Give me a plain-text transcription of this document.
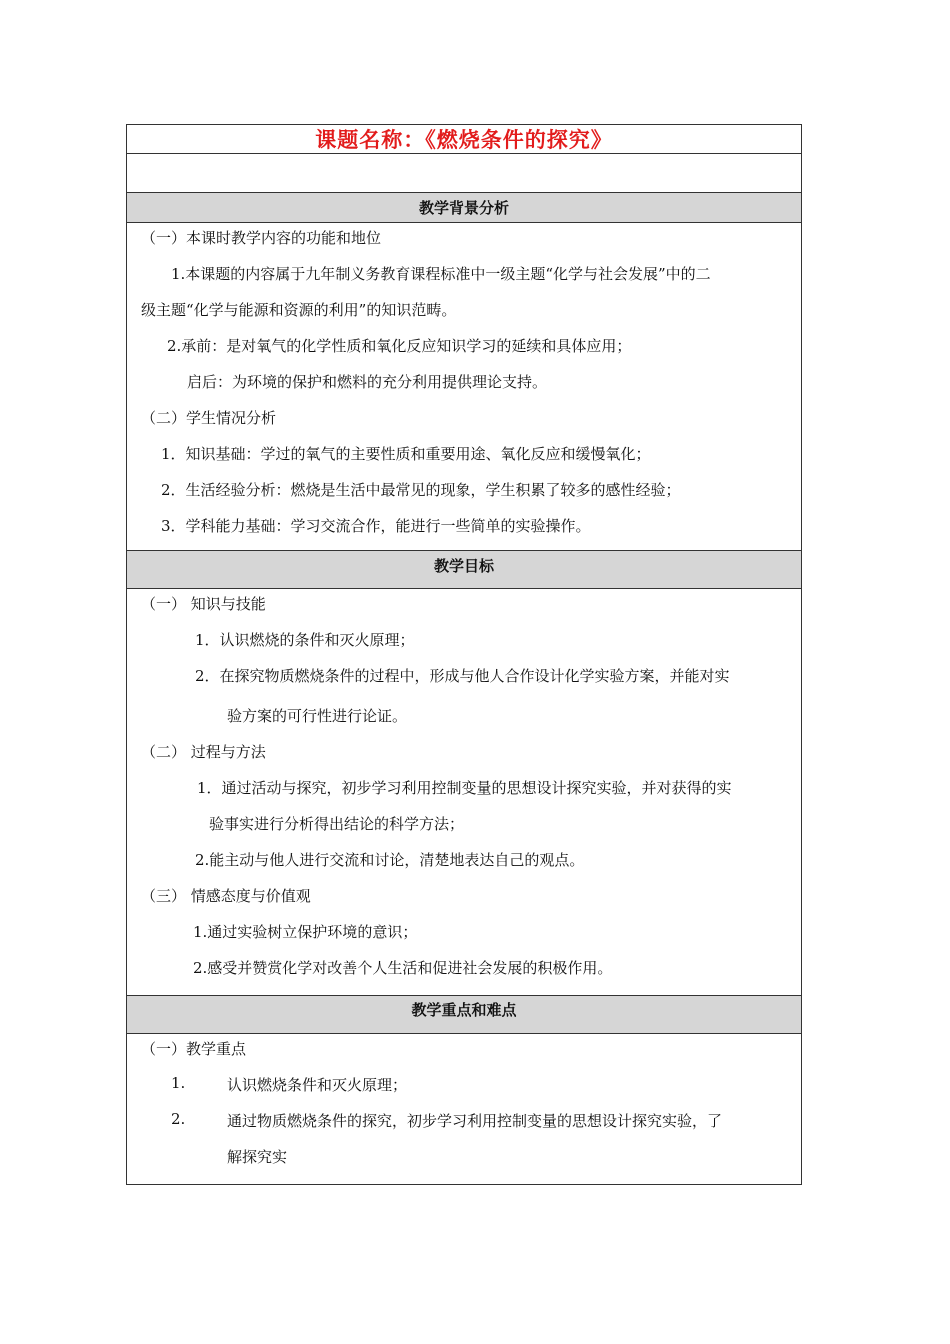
课题名称：《燃烧条件的探究》
教学背景分析
（一）本课时教学内容的功能和地位
1.本课题的内容属于九年制义务教育课程标准中一级主题“化学与社会发展”中的二
级主题“化学与能源和资源的利用”的知识范畴。
2.承前：是对氧气的化学性质和氧化反应知识学习的延续和具体应用；
启后：为环境的保护和燃料的充分利用提供理论支持。
（二）学生情况分析
1．知识基础：学过的氧气的主要性质和重要用途、氧化反应和缓慢氧化；
2．生活经验分析：燃烧是生活中最常见的现象，学生积累了较多的感性经验；
3．学科能力基础：学习交流合作，能进行一些简单的实验操作。
教学目标
（一） 知识与技能
1．认识燃烧的条件和灭火原理；
2．在探究物质燃烧条件的过程中，形成与他人合作设计化学实验方案，并能对实
验方案的可行性进行论证。
（二） 过程与方法
1．通过活动与探究，初步学习利用控制变量的思想设计探究实验，并对获得的实
验事实进行分析得出结论的科学方法；
2.能主动与他人进行交流和讨论，清楚地表达自己的观点。
（三） 情感态度与价值观
1.通过实验树立保护环境的意识；
2.感受并赞赏化学对改善个人生活和促进社会发展的积极作用。
教学重点和难点
（一）教学重点
1.	认识燃烧条件和灭火原理；
2.	通过物质燃烧条件的探究，初步学习利用控制变量的思想设计探究实验，了
解探究实
